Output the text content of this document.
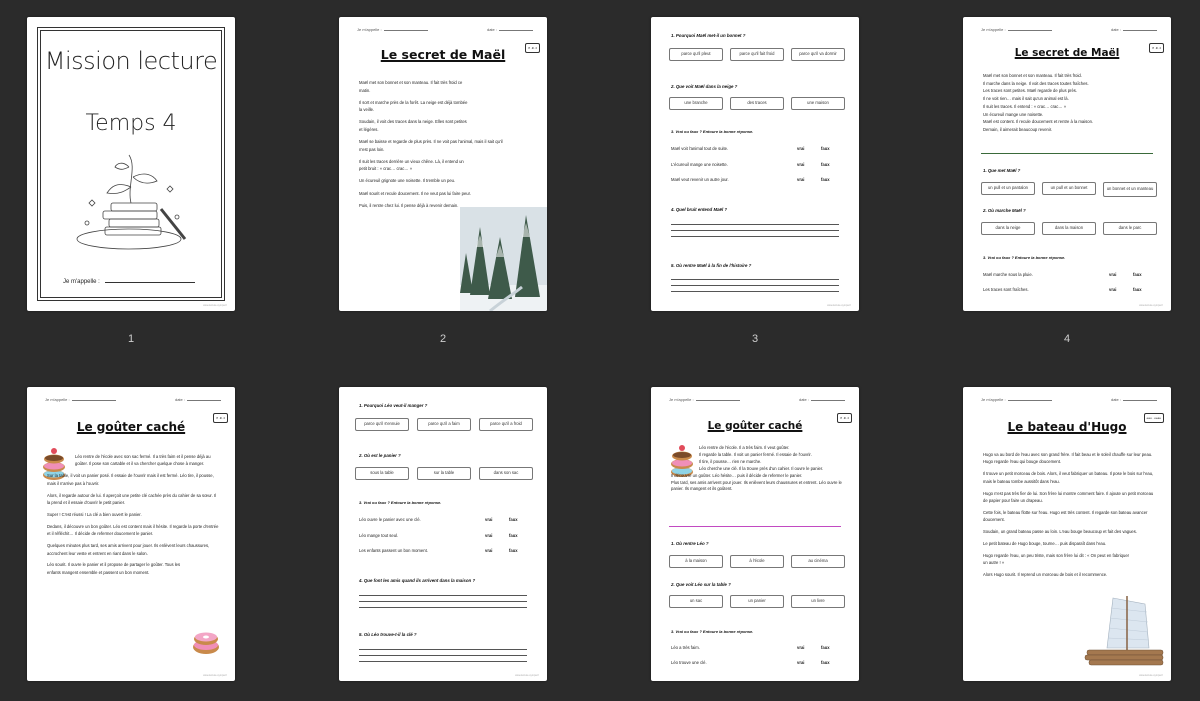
Mission lecture
Temps 4
Je m'appelle :
www.lecture-sympa.fr
Je m'appelle :	date :
Le secret de Maël	ff ·ill· il

Maël met son bonnet et son manteau. Il fait très froid ce matin.

Il sort et marche près de la forêt. La neige est déjà tombée la veille.

Soudain, il voit des traces dans la neige. Elles sont petites et légères.

Maël se baisse et regarde de plus près. Il ne voit pas l'animal, mais il sait qu'il n'est pas loin.

Il suit les traces derrière un vieux chêne. Là, il entend un petit bruit : « crac… crac… »

Un écureuil grignote une noisette. Il tremble un peu.

Maël sourit et recule doucement. Il ne veut pas lui faire peur.

Puis, il rentre chez lui. Il pense déjà à revenir demain.

1. Pourquoi Maël met-il un bonnet ?
parce qu'il pleut	parce qu'il fait froid	parce qu'il va dormir
2. Que voit Maël dans la neige ?
une branche	des traces	une maison
3. Vrai ou faux ? Entoure la bonne réponse.
Maël voit l'animal tout de suite.	vrai	faux
L'écureuil mange une noisette.	vrai	faux
Maël veut revenir un autre jour.	vrai	faux
4. Quel bruit entend Maël ?
5. Où rentre Maël à la fin de l'histoire ?
www.lecture-sympa.fr
Je m'appelle :	date :
Le secret de Maël	ff ·ill· il
Maël met son bonnet et son manteau. Il fait très froid.
Il marche dans la neige. Il voit des traces toutes fraîches.
Les traces sont petites. Maël regarde de plus près.
Il ne voit rien… mais il sait qu'un animal est là.
Il suit les traces. Il entend : « crac… crac… »
Un écureuil mange une noisette.
Maël est content. Il recule doucement et rentre à la maison.
Demain, il aimerait beaucoup revenir.
1. Que met Maël ?
un pull et un pantalon	un pull et un bonnet	un bonnet et un manteau
2. Où marche Maël ?
dans la neige	dans la maison	dans le parc
3. Vrai ou faux ? Entoure la bonne réponse.
Maël marche sous la pluie.	vrai	faux
Les traces sont fraîches.	vrai	faux
www.lecture-sympa.fr
1	2	3	4
Je m'appelle :	date :
ff ·ill· il
Le goûter caché

Léo rentre de l'école avec son sac fermé. Il a très faim et il pense déjà au goûter. Il pose son cartable et il va chercher quelque chose à manger.

Sur la table, il voit un panier posé. Il essaie de l'ouvrir mais il est fermé. Léo tire, il pousse, mais il n'arrive pas à l'ouvrir.

Alors, il regarde autour de lui. Il aperçoit une petite clé cachée près du cahier de sa sœur. Il la prend et il essaie d'ouvrir le petit panier.

Super ! C'est réussi ! La clé a bien ouvert le panier.

Dedans, il découvre un bon goûter. Léo est content mais il hésite. Il regarde la porte d'entrée et il réfléchit… Il décide de refermer doucement le panier.

Quelques minutes plus tard, ses amis arrivent pour jouer. Ils enlèvent leurs chaussures, accrochent leur veste et entrent en riant dans le salon.

Léo sourit. Il ouvre le panier et il propose de partager le goûter. Tous les enfants mangent ensemble et passent un bon moment.

www.lecture-sympa.fr
1. Pourquoi Léo veut-il manger ?
parce qu'il s'ennuie	parce qu'il a faim	parce qu'il a froid
2. Où est le panier ?
sous la table	sur la table	dans son sac
3. Vrai ou faux ? Entoure la bonne réponse.
Léo ouvre le panier avec une clé.	vrai	faux
Léo mange tout seul.	vrai	faux
Les enfants passent un bon moment.	vrai	faux
4. Que font les amis quand ils arrivent dans la maison ?
5. Où Léo trouve-t-il la clé ?
www.lecture-sympa.fr
Je m'appelle :	date :
Le goûter caché
ff ·ill· il
Léo rentre de l'école. Il a très faim. Il veut goûter.
Il regarde la table. Il voit un panier fermé. Il essaie de l'ouvrir.
Il tire, il pousse… rien ne marche.
Léo cherche une clé. Il la trouve près d'un cahier. Il ouvre le panier.
Il découvre un goûter. Léo hésite… puis il décide de refermer le panier.
Plus tard, ses amis arrivent pour jouer. Ils enlèvent leurs chaussures et entrent. Léo ouvre le panier. Ils mangent et ils goûtent.
1. Où rentre Léo ?
à la maison	à l'école	au cinéma
2. Que voit Léo sur la table ?
un sac	un panier	un livre
3. Vrai ou faux ? Entoure la bonne réponse.
Léo a très faim.	vrai	faux
Léo trouve une clé.	vrai	faux
Je m'appelle :	date :
eau · oeau
Le bateau d'Hugo

Hugo va au bord de l'eau avec son grand frère. Il fait beau et le soleil chauffe sur leur peau. Hugo regarde l'eau qui bouge doucement.

Il trouve un petit morceau de bois. Alors, il veut fabriquer un bateau. Il pose le bois sur l'eau, mais le bateau tombe aussitôt dans l'eau.

Hugo n'est pas très fier de lui. Son frère lui montre comment faire. Il ajoute un petit morceau de papier pour faire un drapeau.

Cette fois, le bateau flotte sur l'eau. Hugo est très content. Il regarde son bateau avancer doucement.

Soudain, un grand bateau passe au loin. L'eau bouge beaucoup et fait des vagues.

Le petit bateau de Hugo bouge, tourne… puis disparaît dans l'eau.

Hugo regarde l'eau, un peu triste, mais son frère lui dit : « On peut en fabriquer un autre ! »

Alors Hugo sourit. Il reprend un morceau de bois et il recommence.

www.lecture-sympa.fr
